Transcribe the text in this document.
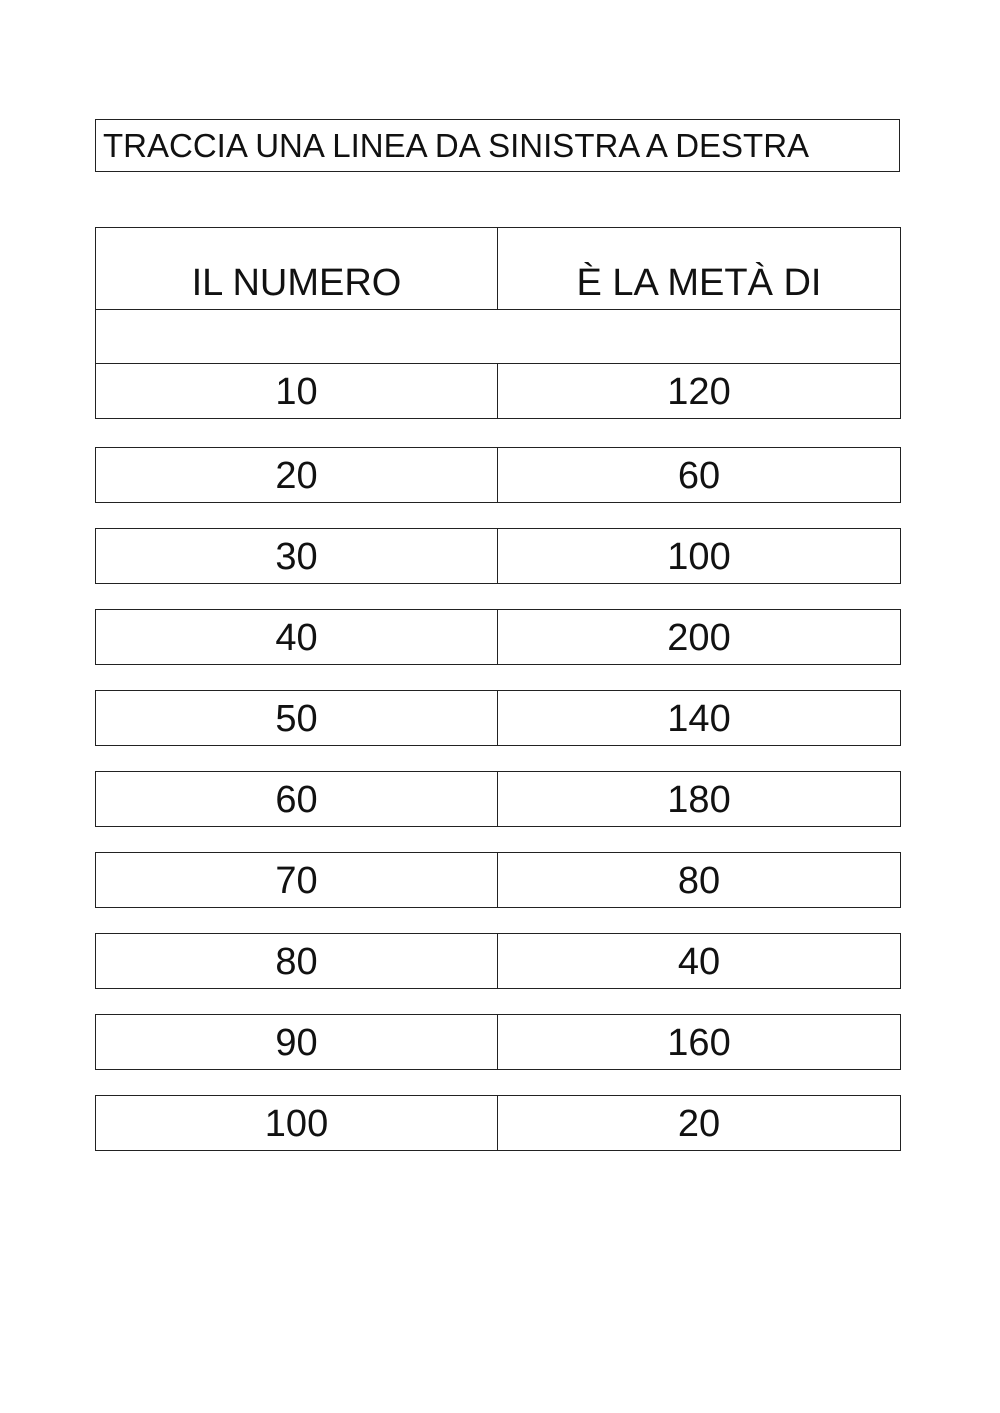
TRACCIA UNA LINEA DA SINISTRA A DESTRA
IL NUMERO	È LA METÀ DI
10	120
20	60
30	100
40	200
50	140
60	180
70	80
80	40
90	160
100	20
